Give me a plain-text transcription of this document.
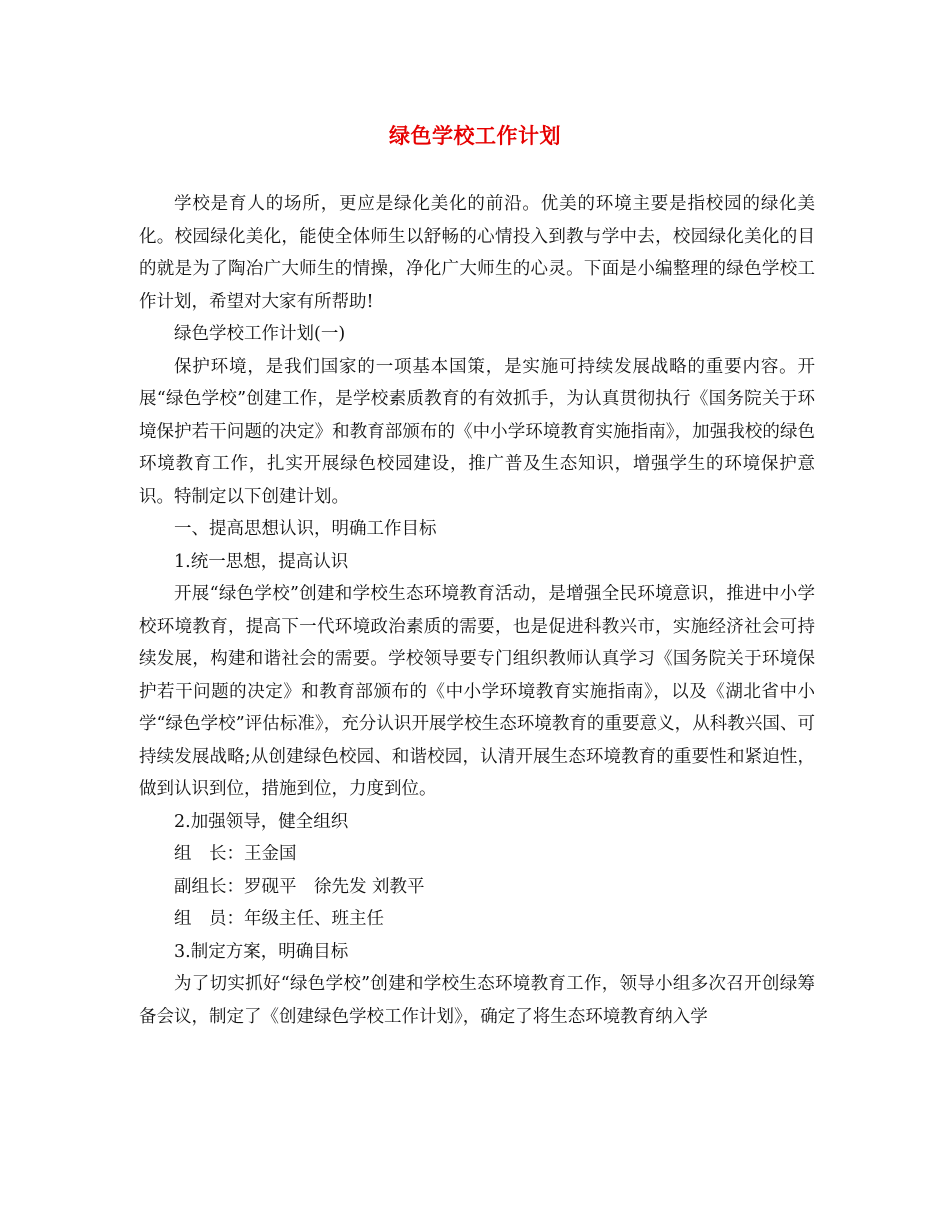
绿色学校工作计划

学校是育人的场所，更应是绿化美化的前沿。优美的环境主要是指校园的绿化美化。校园绿化美化，能使全体师生以舒畅的心情投入到教与学中去，校园绿化美化的目的就是为了陶冶广大师生的情操，净化广大师生的心灵。下面是小编整理的绿色学校工作计划，希望对大家有所帮助!

绿色学校工作计划(一)

保护环境，是我们国家的一项基本国策，是实施可持续发展战略的重要内容。开展“绿色学校”创建工作，是学校素质教育的有效抓手，为认真贯彻执行《国务院关于环境保护若干问题的决定》和教育部颁布的《中小学环境教育实施指南》，加强我校的绿色环境教育工作，扎实开展绿色校园建设，推广普及生态知识，增强学生的环境保护意识。特制定以下创建计划。

一、提高思想认识，明确工作目标

1.统一思想，提高认识

开展“绿色学校”创建和学校生态环境教育活动，是增强全民环境意识，推进中小学校环境教育，提高下一代环境政治素质的需要，也是促进科教兴市，实施经济社会可持续发展，构建和谐社会的需要。学校领导要专门组织教师认真学习《国务院关于环境保护若干问题的决定》和教育部颁布的《中小学环境教育实施指南》，以及《湖北省中小学“绿色学校”评估标准》，充分认识开展学校生态环境教育的重要意义，从科教兴国、可持续发展战略;从创建绿色校园、和谐校园，认清开展生态环境教育的重要性和紧迫性，做到认识到位，措施到位，力度到位。

2.加强领导，健全组织

组　长：王金国

副组长：罗砚平　徐先发 刘教平

组　员：年级主任、班主任

3.制定方案，明确目标

为了切实抓好“绿色学校”创建和学校生态环境教育工作，领导小组多次召开创绿筹备会议，制定了《创建绿色学校工作计划》，确定了将生态环境教育纳入学
